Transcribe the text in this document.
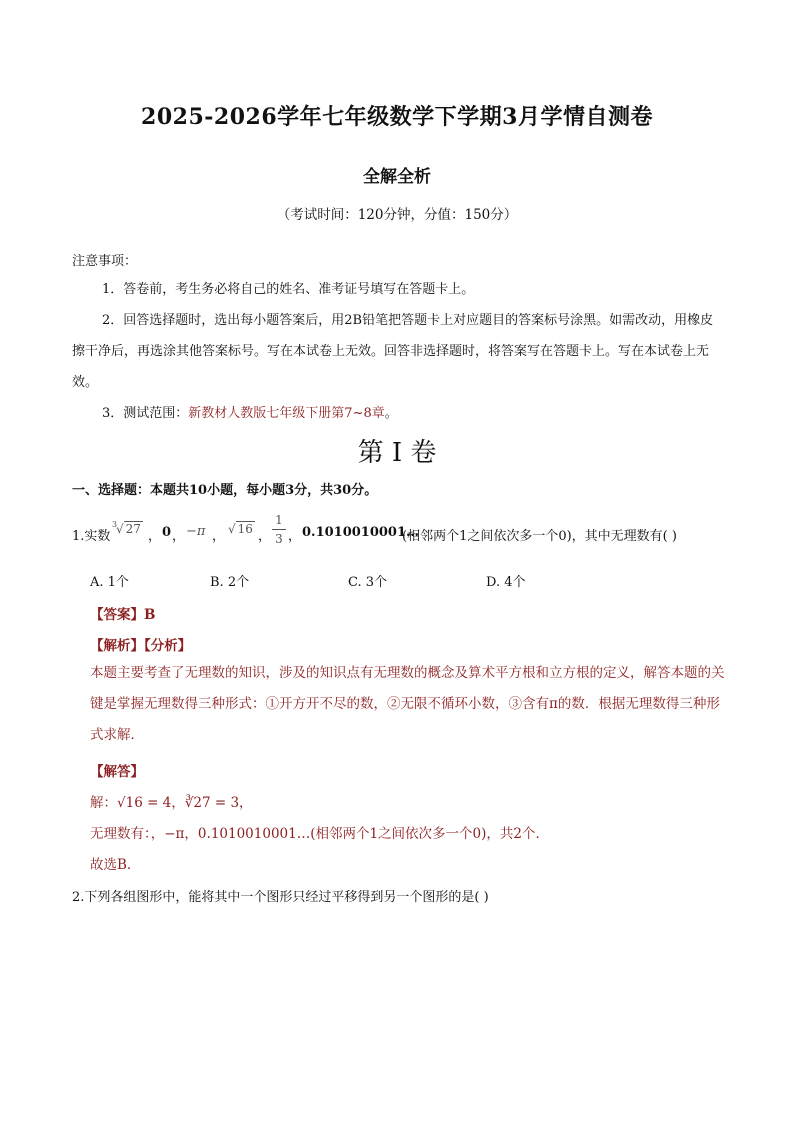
2025-2026学年七年级数学下学期3月学情自测卷
全解全析
（考试时间：120分钟，分值：150分）
注意事项：
1．答卷前，考生务必将自己的姓名、准考证号填写在答题卡上。
2．回答选择题时，选出每小题答案后，用2B铅笔把答题卡上对应题目的答案标号涂黑。如需改动，用橡皮擦干净后，再选涂其他答案标号。写在本试卷上无效。回答非选择题时，将答案写在答题卡上。写在本试卷上无效。
3．测试范围：新教材人教版七年级下册第7~8章。
第 I 卷
一、选择题：本题共10小题，每小题3分，共30分。
1.实数
3
√ 27 ， 0 ， −π ， √ 16 ，
1
3 ， 0.1010010001…
(相邻两个1之间依次多一个0)，其中无理数有( )
A. 1个	B. 2个	C. 3个	D. 4个
【答案】B
【解析】【分析】
本题主要考查了无理数的知识，涉及的知识点有无理数的概念及算术平方根和立方根的定义，解答本题的关键是掌握无理数得三种形式：①开方开不尽的数，②无限不循环小数，③含有π的数．根据无理数得三种形式求解．
【解答】
解：√16 = 4，∛27 = 3，
无理数有：，−π，0.1010010001…(相邻两个1之间依次多一个0)，共2个．
故选B．
2.下列各组图形中，能将其中一个图形只经过平移得到另一个图形的是( )
